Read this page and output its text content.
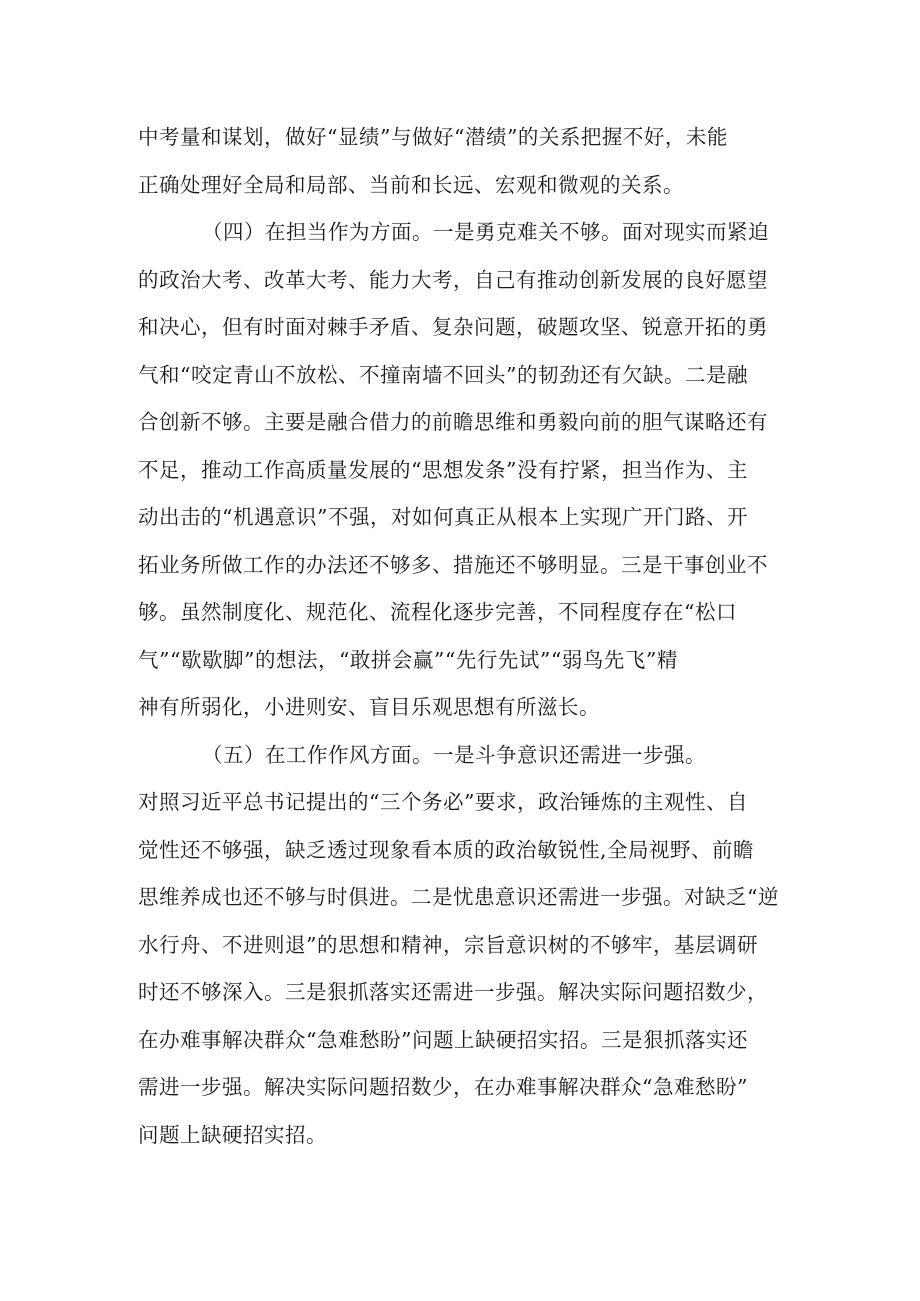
中考量和谋划，做好“显绩”与做好“潜绩”的关系把握不好，未能
正确处理好全局和局部、当前和长远、宏观和微观的关系。
（四）在担当作为方面。一是勇克难关不够。面对现实而紧迫
的政治大考、改革大考、能力大考，自己有推动创新发展的良好愿望
和决心，但有时面对棘手矛盾、复杂问题，破题攻坚、锐意开拓的勇
气和“咬定青山不放松、不撞南墙不回头”的韧劲还有欠缺。二是融
合创新不够。主要是融合借力的前瞻思维和勇毅向前的胆气谋略还有
不足，推动工作高质量发展的“思想发条”没有拧紧，担当作为、主
动出击的“机遇意识”不强，对如何真正从根本上实现广开门路、开
拓业务所做工作的办法还不够多、措施还不够明显。三是干事创业不
够。虽然制度化、规范化、流程化逐步完善，不同程度存在“松口
气”“歇歇脚”的想法，“敢拼会赢”“先行先试”“弱鸟先飞”精
神有所弱化，小进则安、盲目乐观思想有所滋长。
（五）在工作作风方面。一是斗争意识还需进一步强。
对照习近平总书记提出的“三个务必”要求，政治锤炼的主观性、自
觉性还不够强，缺乏透过现象看本质的政治敏锐性,全局视野、前瞻
思维养成也还不够与时俱进。二是忧患意识还需进一步强。对缺乏“逆
水行舟、不进则退”的思想和精神，宗旨意识树的不够牢，基层调研
时还不够深入。三是狠抓落实还需进一步强。解决实际问题招数少，
在办难事解决群众“急难愁盼”问题上缺硬招实招。三是狠抓落实还
需进一步强。解决实际问题招数少，在办难事解决群众“急难愁盼”
问题上缺硬招实招。
